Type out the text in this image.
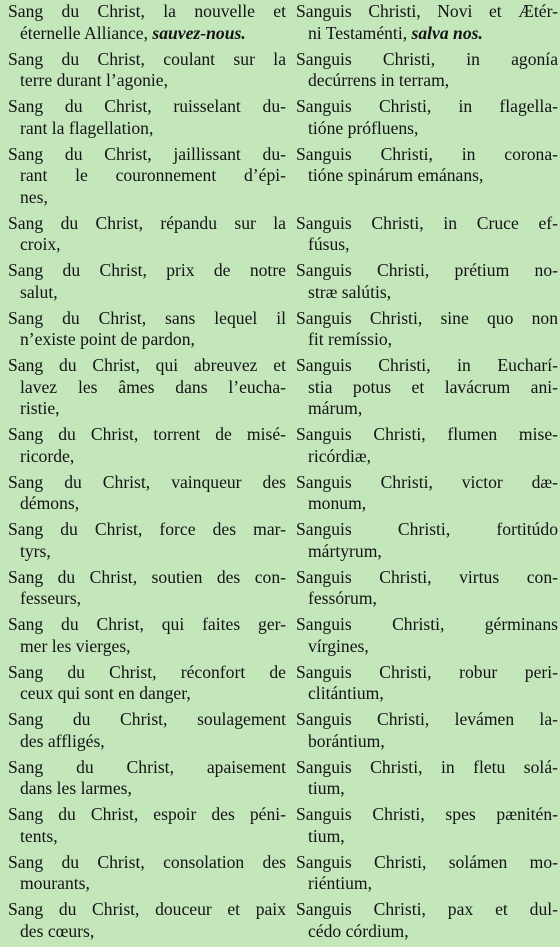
Sang du Christ, la nouvelle et
éternelle Alliance, sauvez-nous.
Sanguis Christi, Novi et Ætér-
ni Testaménti, salva nos.
Sang du Christ, coulant sur la
terre durant l’agonie,
Sanguis Christi, in agonía
decúrrens in terram,
Sang du Christ, ruisselant du-
rant la flagellation,
Sanguis Christi, in flagella-
tióne prófluens,
Sang du Christ, jaillissant du-
rant le couronnement d’épi-
nes,
Sanguis Christi, in corona-
tióne spinárum emánans,
Sang du Christ, répandu sur la
croix,
Sanguis Christi, in Cruce ef-
fúsus,
Sang du Christ, prix de notre
salut,
Sanguis Christi, prétium no-
stræ salútis,
Sang du Christ, sans lequel il
n’existe point de pardon,
Sanguis Christi, sine quo non
fit remíssio,
Sang du Christ, qui abreuvez et
lavez les âmes dans l’eucha-
ristie,
Sanguis Christi, in Eucharí-
stia potus et lavácrum ani-
márum,
Sang du Christ, torrent de misé-
ricorde,
Sanguis Christi, flumen mise-
ricórdiæ,
Sang du Christ, vainqueur des
démons,
Sanguis Christi, victor dæ-
monum,
Sang du Christ, force des mar-
tyrs,
Sanguis Christi, fortitúdo
mártyrum,
Sang du Christ, soutien des con-
fesseurs,
Sanguis Christi, virtus con-
fessórum,
Sang du Christ, qui faites ger-
mer les vierges,
Sanguis Christi, gérminans
vírgines,
Sang du Christ, réconfort de
ceux qui sont en danger,
Sanguis Christi, robur peri-
clitántium,
Sang du Christ, soulagement
des affligés,
Sanguis Christi, levámen la-
borántium,
Sang du Christ, apaisement
dans les larmes,
Sanguis Christi, in fletu solá-
tium,
Sang du Christ, espoir des péni-
tents,
Sanguis Christi, spes pænitén-
tium,
Sang du Christ, consolation des
mourants,
Sanguis Christi, solámen mo-
riéntium,
Sang du Christ, douceur et paix
des cœurs,
Sanguis Christi, pax et dul-
cédo córdium,
